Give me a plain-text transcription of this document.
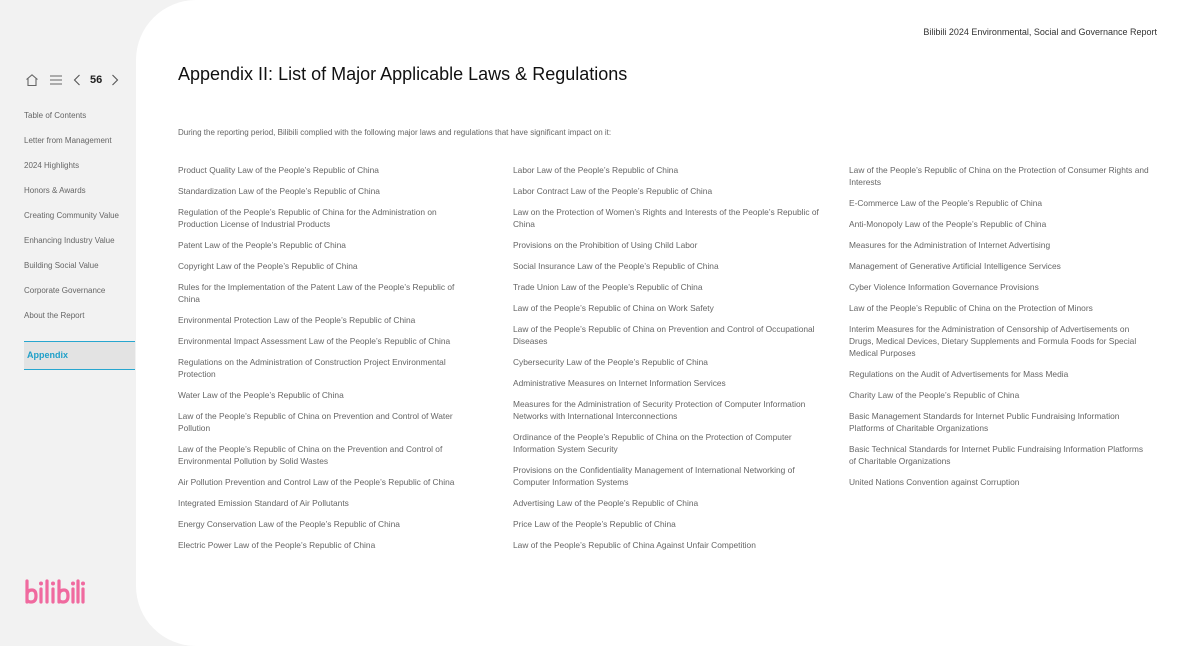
56
Table of Contents
Letter from Management
2024 Highlights
Honors & Awards
Creating Community Value
Enhancing Industry Value
Building Social Value
Corporate Governance
About the Report
Appendix
Bilibili 2024 Environmental, Social and Governance Report
Appendix II: List of Major Applicable Laws & Regulations

During the reporting period, Bilibili complied with the following major laws and regulations that have significant impact on it:

Product Quality Law of the People’s Republic of China
Standardization Law of the People’s Republic of China
Regulation of the People’s Republic of China for the Administration on Production License of Industrial Products
Patent Law of the People’s Republic of China
Copyright Law of the People’s Republic of China
Rules for the Implementation of the Patent Law of the People’s Republic of China
Environmental Protection Law of the People’s Republic of China
Environmental Impact Assessment Law of the People’s Republic of China
Regulations on the Administration of Construction Project Environmental Protection
Water Law of the People’s Republic of China
Law of the People’s Republic of China on Prevention and Control of Water Pollution
Law of the People’s Republic of China on the Prevention and Control of Environmental Pollution by Solid Wastes
Air Pollution Prevention and Control Law of the People’s Republic of China
Integrated Emission Standard of Air Pollutants
Energy Conservation Law of the People’s Republic of China
Electric Power Law of the People’s Republic of China
Labor Law of the People’s Republic of China
Labor Contract Law of the People’s Republic of China
Law on the Protection of Women’s Rights and Interests of the People’s Republic of China
Provisions on the Prohibition of Using Child Labor
Social Insurance Law of the People’s Republic of China
Trade Union Law of the People’s Republic of China
Law of the People’s Republic of China on Work Safety
Law of the People’s Republic of China on Prevention and Control of Occupational Diseases
Cybersecurity Law of the People’s Republic of China
Administrative Measures on Internet Information Services
Measures for the Administration of Security Protection of Computer Information Networks with International Interconnections
Ordinance of the People’s Republic of China on the Protection of Computer Information System Security
Provisions on the Confidentiality Management of International Networking of Computer Information Systems
Advertising Law of the People’s Republic of China
Price Law of the People’s Republic of China
Law of the People’s Republic of China Against Unfair Competition
Law of the People’s Republic of China on the Protection of Consumer Rights and Interests
E-Commerce Law of the People’s Republic of China
Anti-Monopoly Law of the People’s Republic of China
Measures for the Administration of Internet Advertising
Management of Generative Artificial Intelligence Services
Cyber Violence Information Governance Provisions
Law of the People’s Republic of China on the Protection of Minors
Interim Measures for the Administration of Censorship of Advertisements on Drugs, Medical Devices, Dietary Supplements and Formula Foods for Special Medical Purposes
Regulations on the Audit of Advertisements for Mass Media
Charity Law of the People’s Republic of China
Basic Management Standards for Internet Public Fundraising Information Platforms of Charitable Organizations
Basic Technical Standards for Internet Public Fundraising Information Platforms of Charitable Organizations
United Nations Convention against Corruption
